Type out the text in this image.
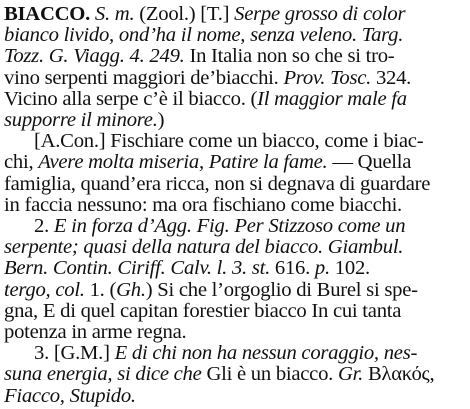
BIACCO. S. m. (Zool.) [T.] Serpe grosso di color
bianco livido, ond’ha il nome, senza veleno. Targ.
Tozz. G. Viagg. 4. 249. In Italia non so che si tro-
vino serpenti maggiori de’biacchi. Prov. Tosc. 324.
Vicino alla serpe c’è il biacco. (Il maggior male fa
supporre il minore.)
[A.Con.] Fischiare come un biacco, come i biac-
chi, Avere molta miseria, Patire la fame. — Quella
famiglia, quand’era ricca, non si degnava di guardare
in faccia nessuno: ma ora fischiano come biacchi.
2. E in forza d’Agg. Fig. Per Stizzoso come un
serpente; quasi della natura del biacco. Giambul.
Bern. Contin. Ciriff. Calv. l. 3. st. 616. p. 102.
tergo, col. 1. (Gh.) Si che l’orgoglio di Burel si spe-
gna, E di quel capitan forestier biacco In cui tanta
potenza in arme regna.
3. [G.M.] E di chi non ha nessun coraggio, nes-
suna energia, si dice che Gli è un biacco. Gr. Βλακός,
Fiacco, Stupido.
